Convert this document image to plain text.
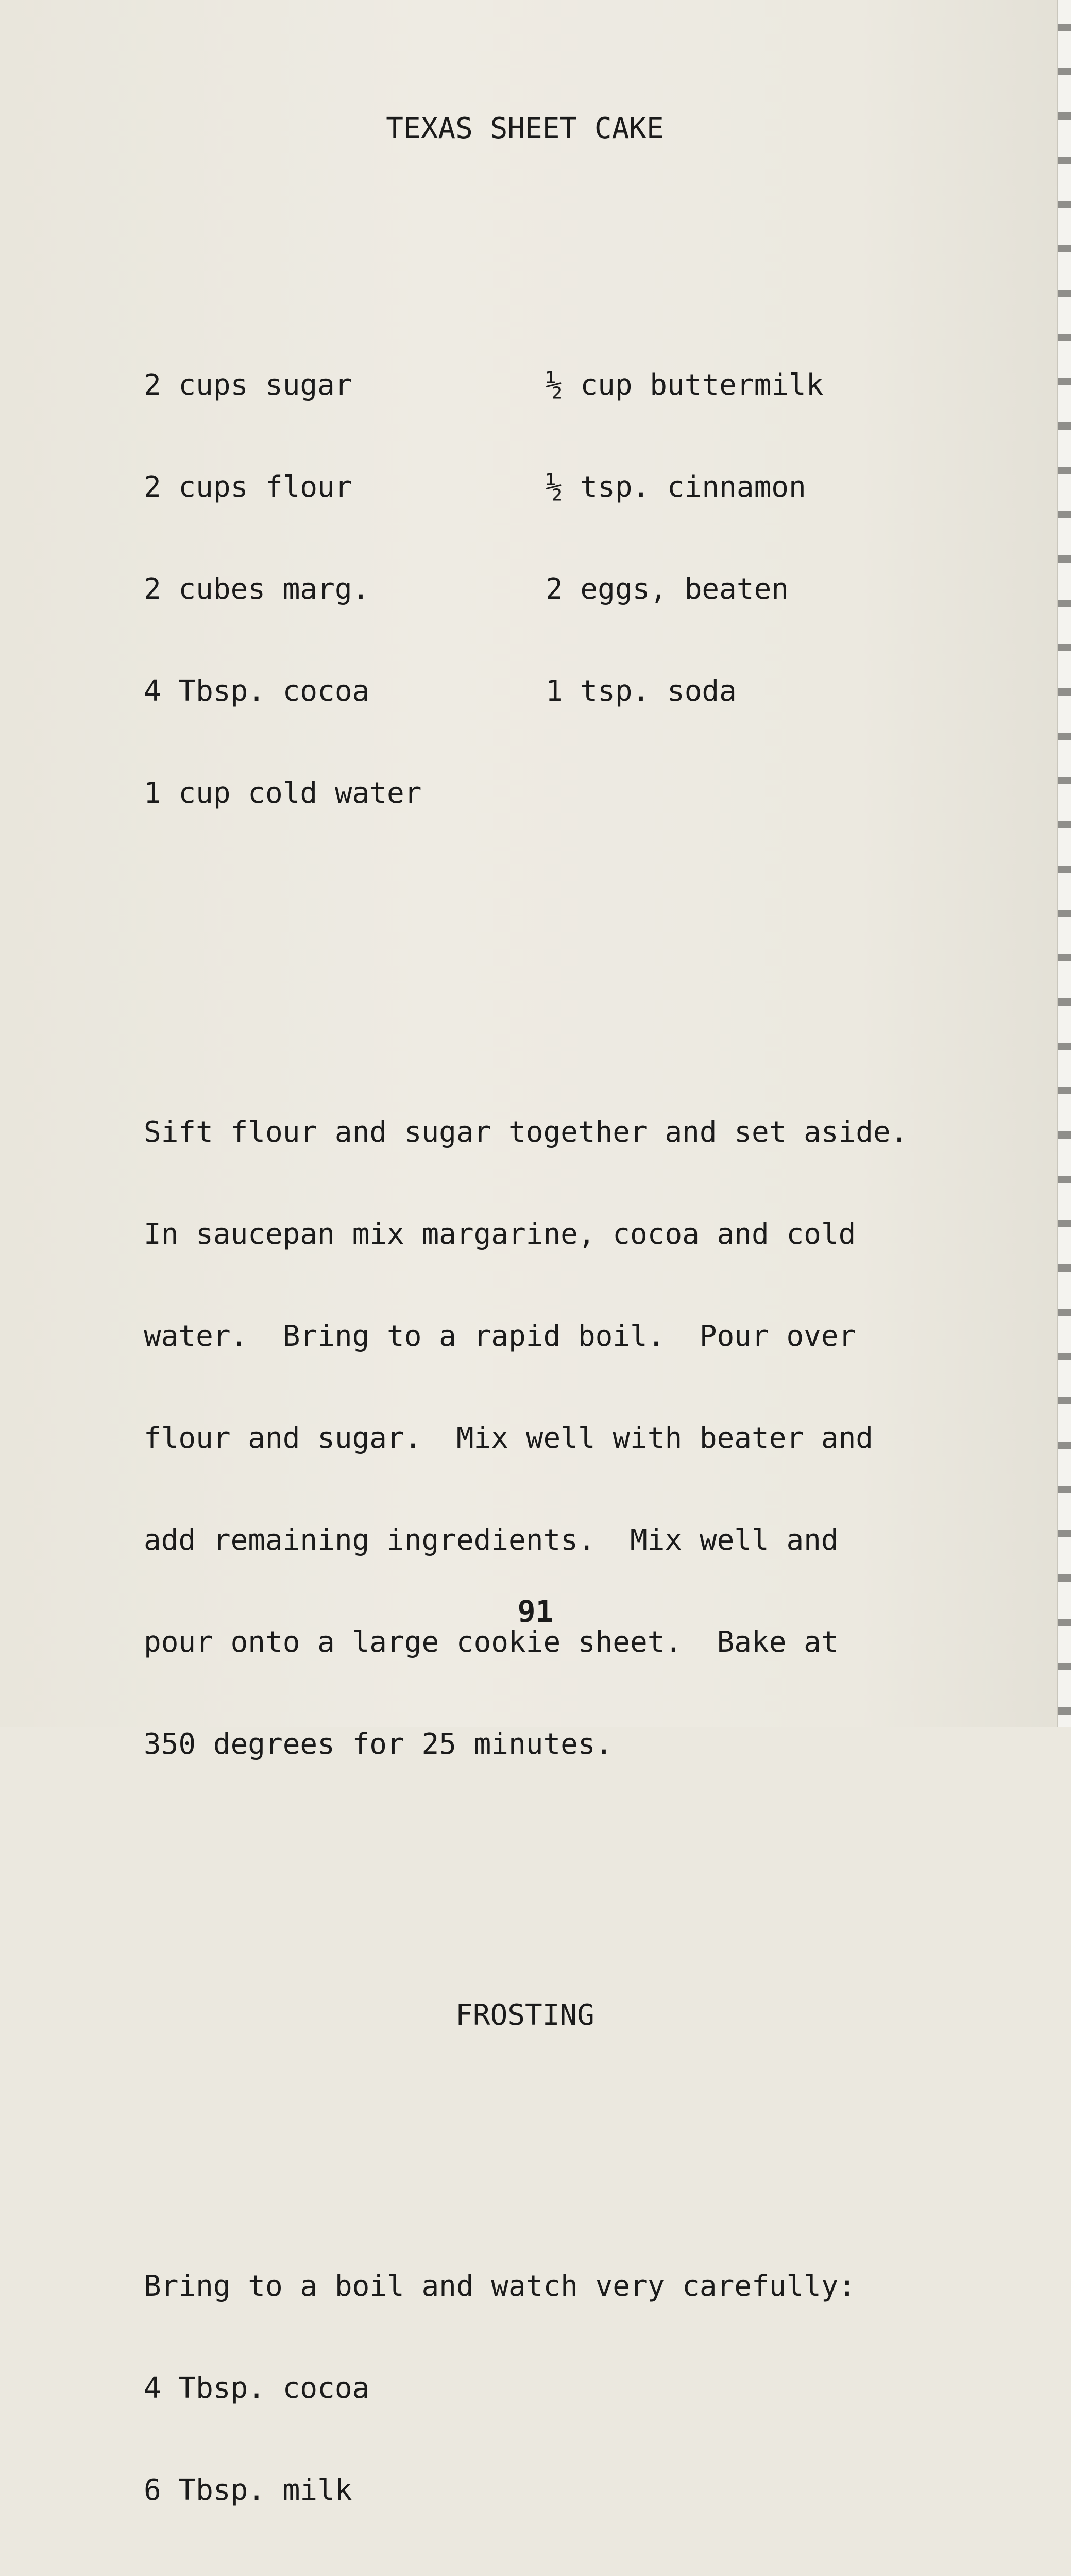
TEXAS SHEET CAKE

2 cups sugar

2 cups flour

2 cubes marg.

4 Tbsp. cocoa

1 cup cold water

½ cup buttermilk

½ tsp. cinnamon

2 eggs, beaten

1 tsp. soda

Sift flour and sugar together and set aside.

In saucepan mix margarine, cocoa and cold

water.  Bring to a rapid boil.  Pour over

flour and sugar.  Mix well with beater and

add remaining ingredients.  Mix well and

pour onto a large cookie sheet.  Bake at

350 degrees for 25 minutes.

FROSTING

Bring to a boil and watch very carefully:

4 Tbsp. cocoa

6 Tbsp. milk

91
